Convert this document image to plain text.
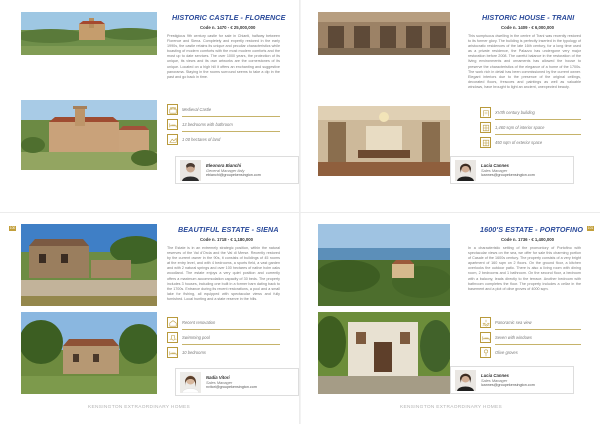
HISTORIC CASTLE - FLORENCE
Code n. 1470 - € 25,000,000
Prestigious 9th century castle for sale in Chianti, halfway between Florence and Siena. Completely and expertly restored in the early 1990s, the castle retains its unique and peculiar characteristics while boasting of modern comforts with the most modern comforts and the most up to date services. The over 1000 years, the protection of its unique, its views and its own artworks are the cornerstones of its unique. Located on a high hill it offers an enchanting and suggestive panorama. Staying in the rooms surround seems to take a dip in the past and go back in time.
Medieval Castle
13 bedrooms with bathroom
1 00 hectares of land
Eleonora Bianchi
General Manager Italy
ebianchi@groupekensington.com
HISTORIC HOUSE - TRANI
Code n. 1409 - € 6,000,000
This sumptuous dwelling in the centre of Trani was recently restored to its former glory. The building is perfectly inserted in the typology of aristocratic residences of the late 16th century, for a long time used as a private residence, the Palazzo has undergone very major restoration before 2008. The careful balance in the restoration of the living environments and ornaments has allowed the house to preserve the characteristics of the elegance of a home of the 1700s. The work rich in detail has been commissioned by the current owner. Elegant interiors due to the presence of the original ceilings, decorated floors, frescoes and paintings as well as valuable windows, have brought to light an ancient, unexpected beauty.
XVIth century building
1,460 sqm of interior space
450 sqm of exterior space
Lucia Cannes
Sales Manager
lcannes@groupekensington.com
100	BEAUTIFUL ESTATE - SIENA
Code n. 1718 - € 1,180,000
The Estate is in an extremely strategic position, within the natural reserves of the Val d'Orcia and the Val di Merse. Recently restored by the current owner in the 90s, it consists of buildings of 45 rooms at the entry level, and with 4 bedrooms, a sports field, a vast garden and with 2 natural springs and over 100 hectares of native holm oaks woodland. The estate enjoys a very quiet position and currently offers a maximum accommodation capacity of 30 beds. The property includes 3 houses, including one built in a former barn dating back to the 1700s. Entrance during its recent restorations, a pool and a small lake for fishing, all equipped with spectacular views and fully furnished. Local hunting and a state reserve in the hills.
Recent renovation
Swimming pool
10 bedrooms
Nadia Vitori
Sales Manager
nvitori@groupekensington.com
KENSINGTON EXTRAORDINARY HOMES
101
1600'S ESTATE - PORTOFINO
Code n. 1736 - € 1,400,000
In a characteristic setting of the promontory of Portofino with spectacular views on the sea, we offer for sale this charming portion of Casale of the 1600s century. The property consists of a very bright apartment of 160 sqm on 2 floors. On the ground floor, a kitchen overlooks the outdoor patio. There is also a living room with dining room, 2 bedrooms and 1 bathroom. On the second floor, a bedroom with a balcony, leads directly to the terrace. Another bedroom with bathroom completes the floor. The property includes a cellar in the basement and a plot of olive groves of 4000 sqm.
Panoramic sea view
Seven with windows
Olive groves
Lucia Cannes
Sales Manager
lcannes@groupekensington.com
KENSINGTON EXTRAORDINARY HOMES
